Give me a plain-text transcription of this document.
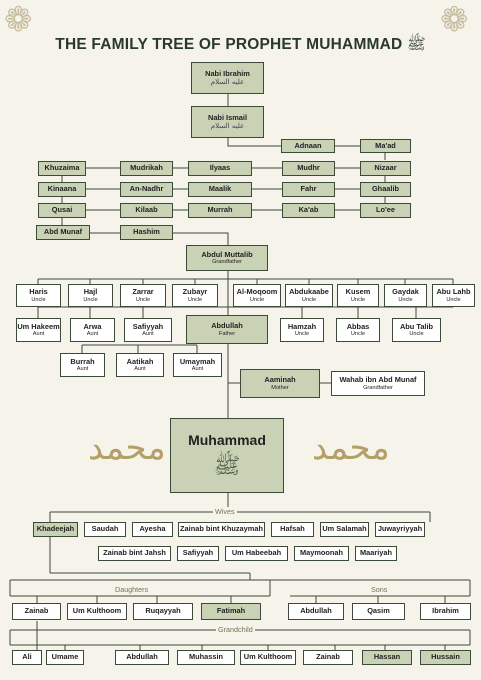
❁	❁
THE FAMILY TREE OF PROPHET MUHAMMAD ﷺ
Nabi Ibrahim
عليه السلام
Nabi Ismail
عليه السلام
Adnaan	Ma'ad
Khuzaima	Mudrikah	Ilyaas	Mudhr	Nizaar
Kinaana	An-Nadhr	Maalik	Fahr	Ghaalib
Qusai	Kilaab	Murrah	Ka'ab	Lo'ee
Abd Munaf	Hashim
Abdul Muttalib
Grandfather
Haris
Uncle
Hajl
Uncle
Zarrar
Uncle
Zubayr
Uncle
Al-Moqoom
Uncle
Abdukaabe
Uncle
Kusem
Uncle
Gaydak
Uncle
Abu Lahb
Uncle
Um Hakeem
Aunt
Arwa
Aunt
Safiyyah
Aunt
Abdullah
Father
Hamzah
Uncle
Abbas
Uncle
Abu Talib
Uncle
Burrah
Aunt
Aatikah
Aunt
Umaymah
Aunt
Aaminah
Mother
Wahab ibn Abd Munaf
Grandfather
محمد	محمد
Muhammad
ﷺ
Wives
Khadeejah Saudah	Ayesha Zainab bint Khuzaymah Hafsah Um Salamah Juwayriyyah
Zainab bint Jahsh Safiyyah	Um Habeebah	Maymoonah Maariyah
Daughters	Sons
Zainab	Um Kulthoom	Ruqayyah	Fatimah	Abdullah	Qasim	Ibrahim
Grandchild
Ali	Umame	Abdullah	Muhassin	Um Kulthoom	Zainab	Hassan	Hussain
